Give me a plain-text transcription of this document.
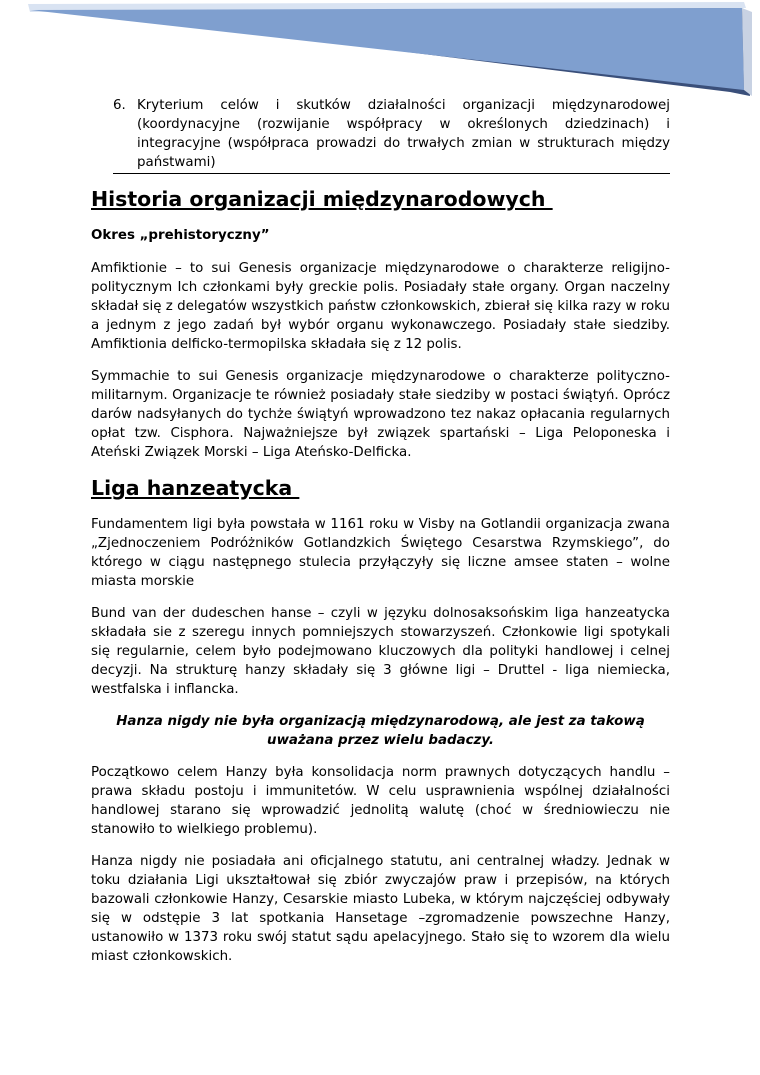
6. Kryterium celów i skutków działalności organizacji międzynarodowej (koordynacyjne (rozwijanie współpracy w określonych dziedzinach) i integracyjne (współpraca prowadzi do trwałych zmian w strukturach między państwami)
Historia organizacji międzynarodowych
Okres „prehistoryczny”

Amfiktionie – to sui Genesis organizacje międzynarodowe o charakterze religijno-politycznym Ich członkami były greckie polis. Posiadały stałe organy. Organ naczelny składał się z delegatów wszystkich państw członkowskich, zbierał się kilka razy w roku a jednym z jego zadań był wybór organu wykonawczego. Posiadały stałe siedziby. Amfiktionia delficko-termopilska składała się z 12 polis.

Symmachie to sui Genesis organizacje międzynarodowe o charakterze polityczno-militarnym. Organizacje te również posiadały stałe siedziby w postaci świątyń. Oprócz darów nadsyłanych do tychże świątyń wprowadzono tez nakaz opłacania regularnych opłat tzw. Cisphora. Najważniejsze był związek spartański – Liga Peloponeska i Ateński Związek Morski – Liga Ateńsko-Delficka.

Liga hanzeatycka

Fundamentem ligi była powstała w 1161 roku w Visby na Gotlandii organizacja zwana „Zjednoczeniem Podróżników Gotlandzkich Świętego Cesarstwa Rzymskiego”, do którego w ciągu następnego stulecia przyłączyły się liczne amsee staten – wolne miasta morskie

Bund van der dudeschen hanse – czyli w języku dolnosaksońskim liga hanzeatycka składała sie z szeregu innych pomniejszych stowarzyszeń. Członkowie ligi spotykali się regularnie, celem było podejmowano kluczowych dla polityki handlowej i celnej decyzji. Na strukturę hanzy składały się 3 główne ligi – Druttel - liga niemiecka, westfalska i inflancka.

Hanza nigdy nie była organizacją międzynarodową, ale jest za takową uważana przez wielu badaczy.

Początkowo celem Hanzy była konsolidacja norm prawnych dotyczących handlu – prawa składu postoju i immunitetów. W celu usprawnienia wspólnej działalności handlowej starano się wprowadzić jednolitą walutę (choć w średniowieczu nie stanowiło to wielkiego problemu).

Hanza nigdy nie posiadała ani oficjalnego statutu, ani centralnej władzy. Jednak w toku działania Ligi ukształtował się zbiór zwyczajów praw i przepisów, na których bazowali członkowie Hanzy, Cesarskie miasto Lubeka, w którym najczęściej odbywały się w odstępie 3 lat spotkania Hansetage –zgromadzenie powszechne Hanzy, ustanowiło w 1373 roku swój statut sądu apelacyjnego. Stało się to wzorem dla wielu miast członkowskich.
